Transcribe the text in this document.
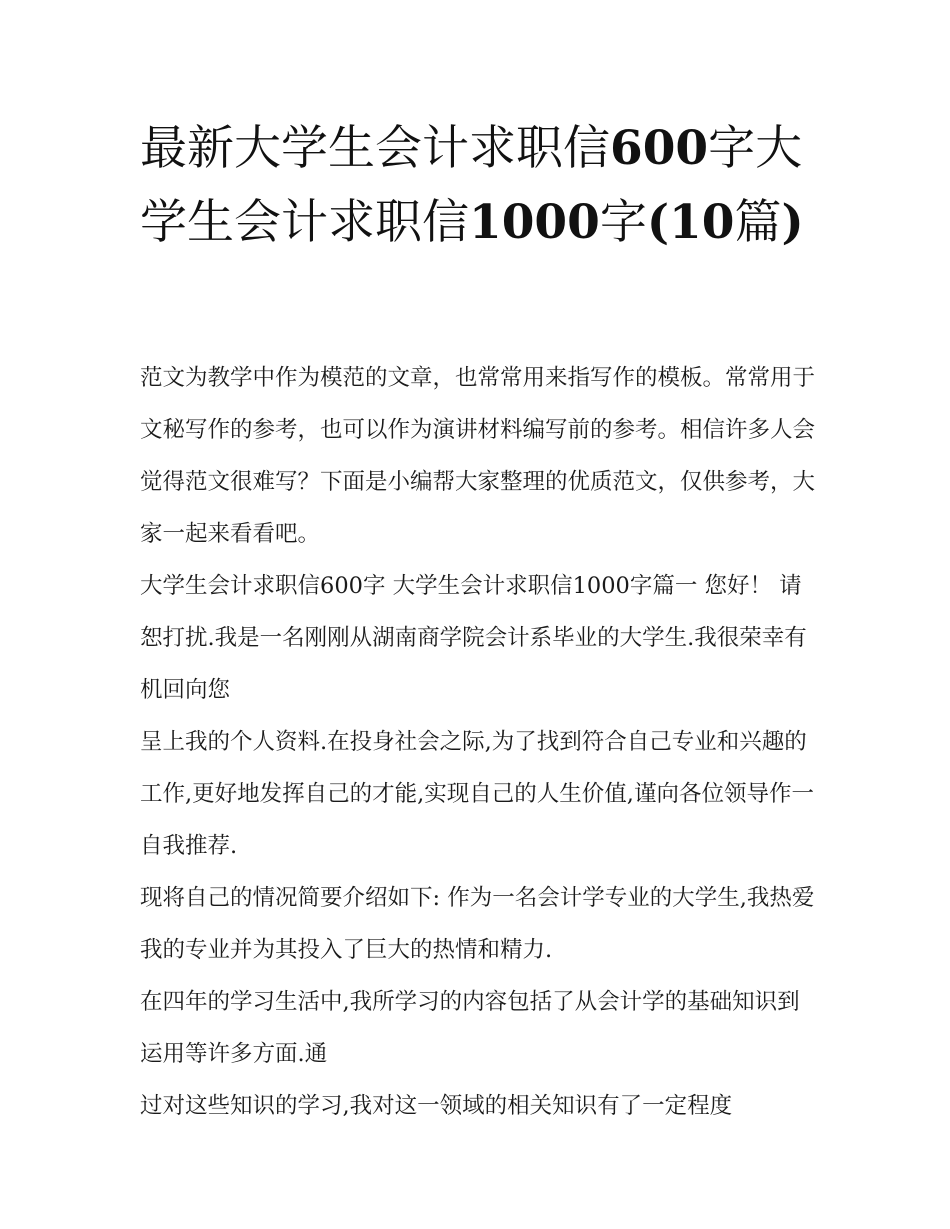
最新大学生会计求职信600字大学生会计求职信1000字(10篇)

范文为教学中作为模范的文章，也常常用来指写作的模板。常常用于文秘写作的参考，也可以作为演讲材料编写前的参考。相信许多人会觉得范文很难写？下面是小编帮大家整理的优质范文，仅供参考，大家一起来看看吧。

大学生会计求职信600字 大学生会计求职信1000字篇一 您好！ 请恕打扰.我是一名刚刚从湖南商学院会计系毕业的大学生.我很荣幸有机回向您

呈上我的个人资料.在投身社会之际,为了找到符合自己专业和兴趣的工作,更好地发挥自己的才能,实现自己的人生价值,谨向各位领导作一自我推荐.

现将自己的情况简要介绍如下: 作为一名会计学专业的大学生,我热爱我的专业并为其投入了巨大的热情和精力.

在四年的学习生活中,我所学习的内容包括了从会计学的基础知识到运用等许多方面.通

过对这些知识的学习,我对这一领域的相关知识有了一定程度
